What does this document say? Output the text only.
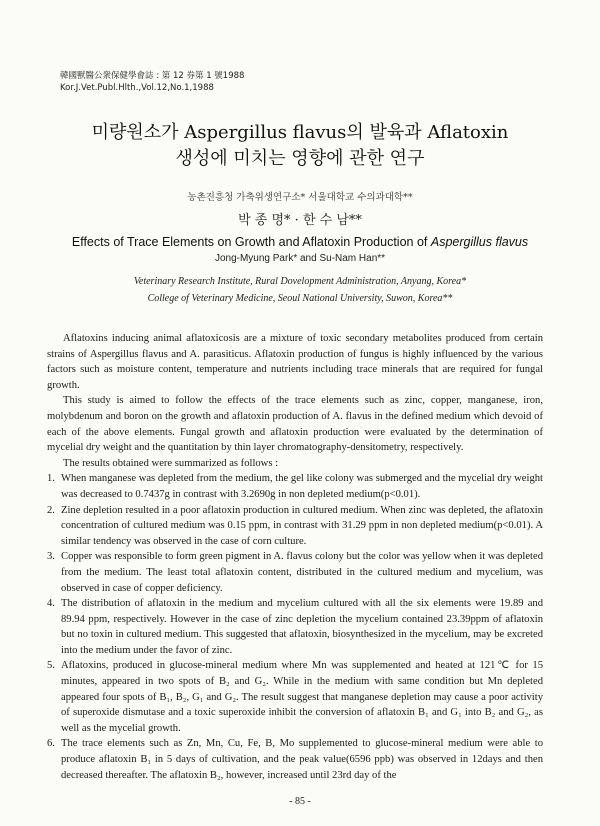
韓國獸醫公衆保健學會誌 : 第 12 券第 1 號1988
Kor.J.Vet.Publ.Hlth.,Vol.12,No.1,1988
미량원소가 Aspergillus flavus의 발육과 Aflatoxin
생성에 미치는 영향에 관한 연구
농촌진흥청 가축위생연구소* 서울대학교 수의과대학**
박 종 명* · 한 수 남**
Effects of Trace Elements on Growth and Aflatoxin Production of Aspergillus flavus
Jong-Myung Park* and Su-Nam Han**
Veterinary Research Institute, Rural Dovelopment Administration, Anyang, Korea*
College of Veterinary Medicine, Seoul National University, Suwon, Korea**

Aflatoxins inducing animal aflatoxicosis are a mixture of toxic secondary metabolites produced from certain strains of Aspergillus flavus and A. parasiticus. Aflatoxin production of fungus is highly influenced by the various factors such as moisture content, temperature and nutrients including trace minerals that are required for fungal growth.

This study is aimed to follow the effects of the trace elements such as zinc, copper, manganese, iron, molybdenum and boron on the growth and aflatoxin production of A. flavus in the defined medium which devoid of each of the above elements. Fungal growth and aflatoxin production were evaluated by the determination of mycelial dry weight and the quantitation by thin layer chromatography-densitometry, respectively.

The results obtained were summarized as follows :

1. When manganese was depleted from the medium, the gel like colony was submerged and the mycelial dry weight was decreased to 0.7437g in contrast with 3.2690g in non depleted medium(p<0.01).
2. Zine depletion resulted in a poor aflatoxin production in cultured medium. When zinc was depleted, the aflatoxin concentration of cultured medium was 0.15 ppm, in contrast with 31.29 ppm in non depleted medium(p<0.01). A similar tendency was observed in the case of corn culture.
3. Copper was responsible to form green pigment in A. flavus colony but the color was yellow when it was depleted from the medium. The least total aflatoxin content, distributed in the cultured medium and mycelium, was observed in case of copper deficiency.
4. The distribution of aflatoxin in the medium and mycelium cultured with all the six elements were 19.89 and 89.94 ppm, respectively. However in the case of zinc depletion the mycelium contained 23.39ppm of aflatoxin but no toxin in cultured medium. This suggested that aflatoxin, biosynthesized in the mycelium, may be excreted into the medium under the favor of zinc.
5. Aflatoxins, produced in glucose-mineral medium where Mn was supplemented and heated at 121℃ for 15 minutes, appeared in two spots of B₂ and G₂. While in the medium with same condition but Mn depleted appeared four spots of B₁, B₂, G₁ and G₂. The result suggest that manganese depletion may cause a poor activity of superoxide dismutase and a toxic superoxide inhibit the conversion of aflatoxin B₁ and G₁ into B₂ and G₂, as well as the mycelial growth.
6. The trace elements such as Zn, Mn, Cu, Fe, B, Mo supplemented to glucose-mineral medium were able to produce aflatoxin B₁ in 5 days of cultivation, and the peak value(6596 ppb) was observed in 12days and then decreased thereafter. The aflatoxin B₂, however, increased until 23rd day of the
- 85 -
